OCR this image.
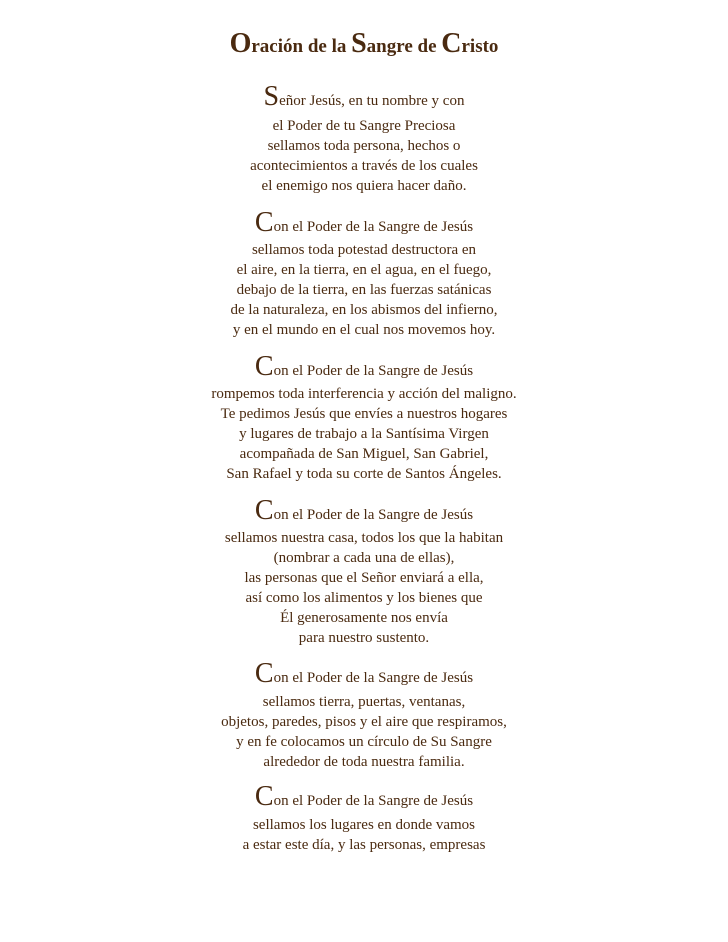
Oración de la Sangre de Cristo
Señor Jesús, en tu nombre y con
el Poder de tu Sangre Preciosa
sellamos toda persona, hechos o
acontecimientos a través de los cuales
el enemigo nos quiera hacer daño.
Con el Poder de la Sangre de Jesús
sellamos toda potestad destructora en
el aire, en la tierra, en el agua, en el fuego,
debajo de la tierra, en las fuerzas satánicas
de la naturaleza, en los abismos del infierno,
y en el mundo en el cual nos movemos hoy.
Con el Poder de la Sangre de Jesús
rompemos toda interferencia y acción del maligno.
Te pedimos Jesús que envíes a nuestros hogares
y lugares de trabajo a la Santísima Virgen
acompañada de San Miguel, San Gabriel,
San Rafael y toda su corte de Santos Ángeles.
Con el Poder de la Sangre de Jesús
sellamos nuestra casa, todos los que la habitan
(nombrar a cada una de ellas),
las personas que el Señor enviará a ella,
así como los alimentos y los bienes que
Él generosamente nos envía
para nuestro sustento.
Con el Poder de la Sangre de Jesús
sellamos tierra, puertas, ventanas,
objetos, paredes, pisos y el aire que respiramos,
y en fe colocamos un círculo de Su Sangre
alrededor de toda nuestra familia.
Con el Poder de la Sangre de Jesús
sellamos los lugares en donde vamos
a estar este día, y las personas, empresas
